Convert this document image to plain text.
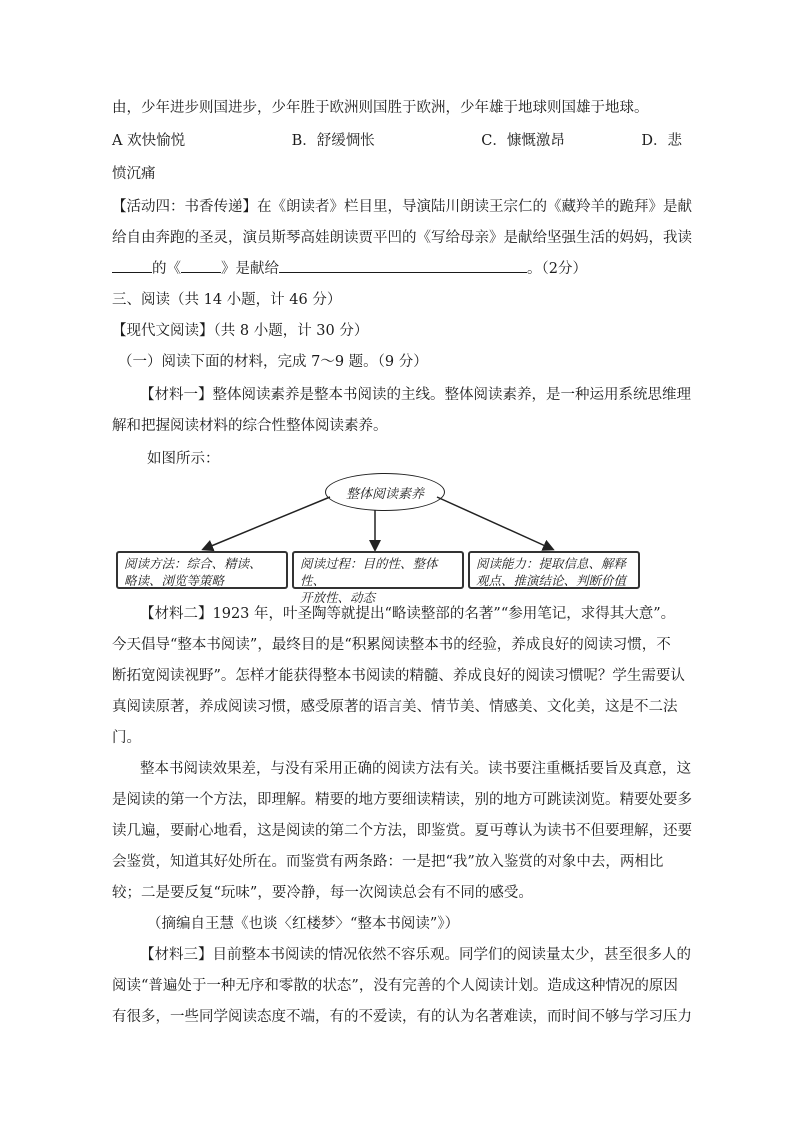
由，少年进步则国进步，少年胜于欧洲则国胜于欧洲，少年雄于地球则国雄于地球。
A 欢快愉悦	B．舒缓惆怅	C．慷慨激昂	D．悲
愤沉痛
【活动四：书香传递】在《朗读者》栏目里，导演陆川朗读王宗仁的《藏羚羊的跪拜》是献
给自由奔跑的圣灵，演员斯琴高娃朗读贾平凹的《写给母亲》是献给坚强生活的妈妈，我读
的《	》是献给	。（2分）
三、阅读（共 14 小题，计 46 分）
【现代文阅读】（共 8 小题，计 30 分）
（一）阅读下面的材料，完成 7～9 题。（9 分）
【材料一】整体阅读素养是整本书阅读的主线。整体阅读素养，是一种运用系统思维理
解和把握阅读材料的综合性整体阅读素养。
如图所示：
整体阅读素养
阅读方法：综合、精读、
略读、浏览等策略
阅读过程：目的性、整体性、
开放性、动态
阅读能力：提取信息、解释
观点、推演结论、判断价值
【材料二】1923 年，叶圣陶等就提出“略读整部的名著”“参用笔记，求得其大意”。
今天倡导“整本书阅读”，最终目的是“积累阅读整本书的经验，养成良好的阅读习惯，不
断拓宽阅读视野”。怎样才能获得整本书阅读的精髓、养成良好的阅读习惯呢？学生需要认
真阅读原著，养成阅读习惯，感受原著的语言美、情节美、情感美、文化美，这是不二法
门。
整本书阅读效果差，与没有采用正确的阅读方法有关。读书要注重概括要旨及真意，这
是阅读的第一个方法，即理解。精要的地方要细读精读，别的地方可跳读浏览。精要处要多
读几遍，要耐心地看，这是阅读的第二个方法，即鉴赏。夏丏尊认为读书不但要理解，还要
会鉴赏，知道其好处所在。而鉴赏有两条路：一是把“我”放入鉴赏的对象中去，两相比
较；二是要反复“玩味”，要冷静，每一次阅读总会有不同的感受。
（摘编自王慧《也谈〈红楼梦〉“整本书阅读”》）
【材料三】目前整本书阅读的情况依然不容乐观。同学们的阅读量太少，甚至很多人的
阅读“普遍处于一种无序和零散的状态”，没有完善的个人阅读计划。造成这种情况的原因
有很多，一些同学阅读态度不端，有的不爱读，有的认为名著难读，而时间不够与学习压力
